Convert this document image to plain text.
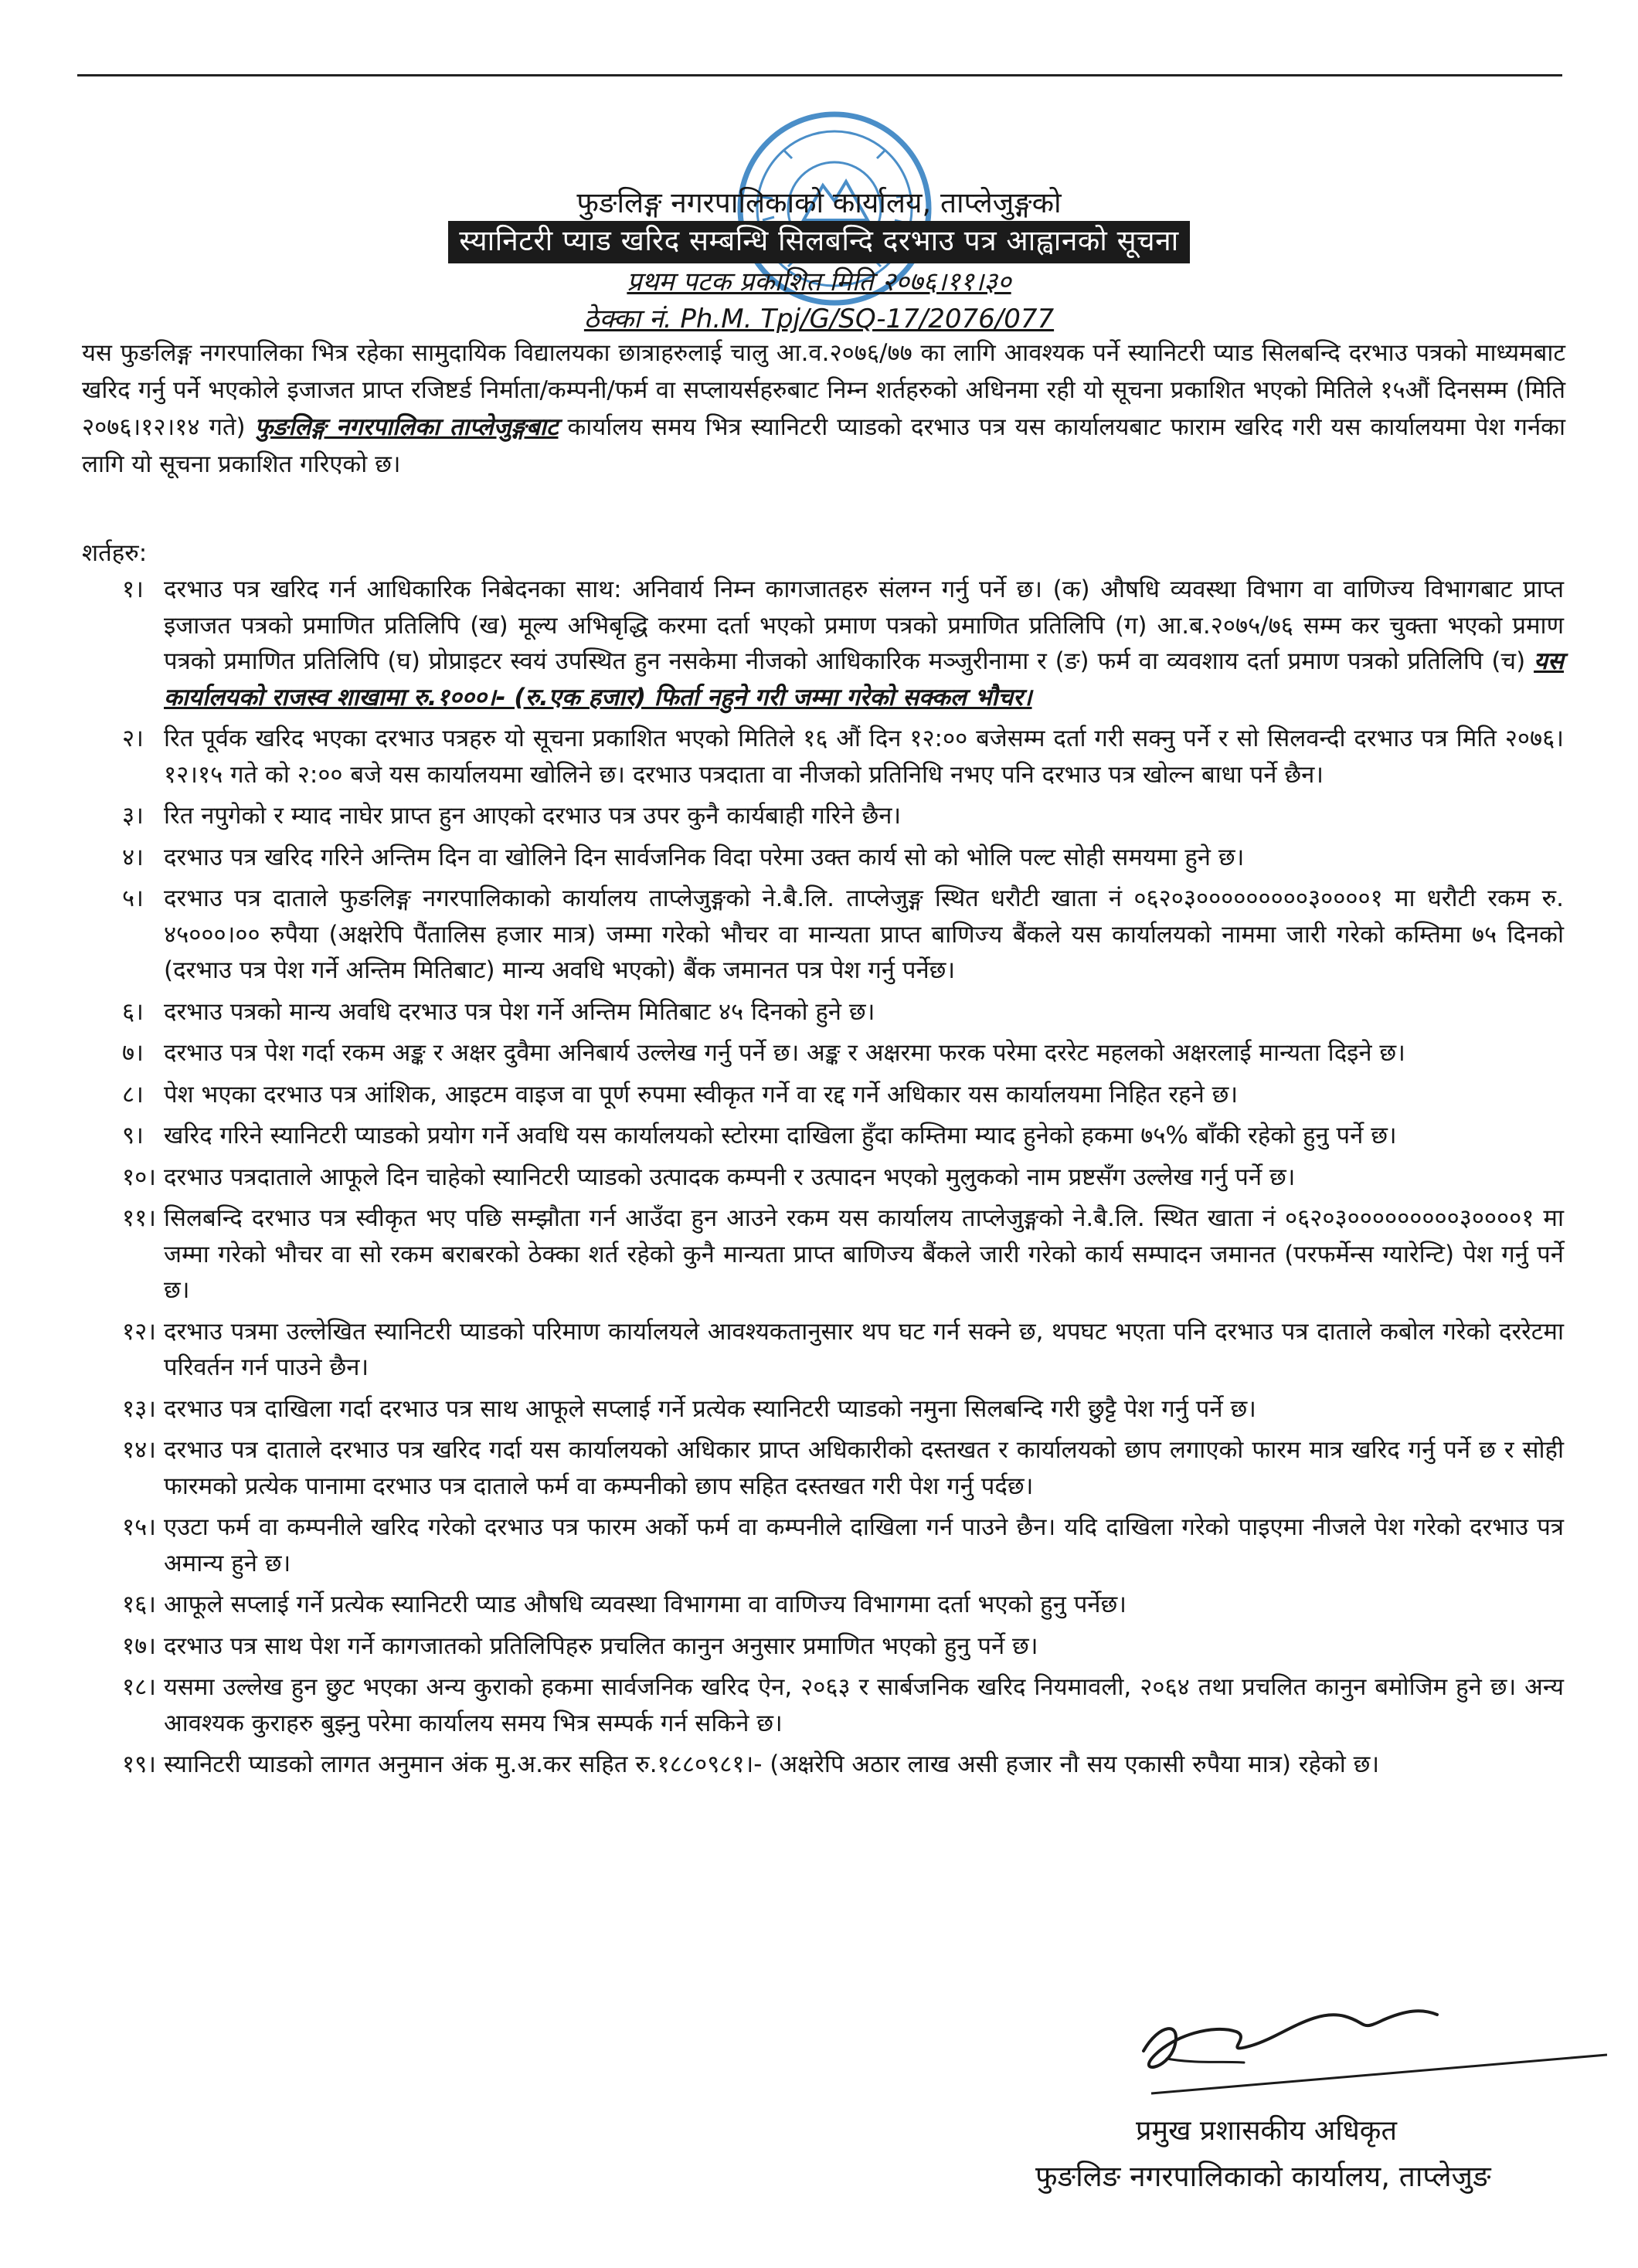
फुङलिङ्ग नगरपालिकाको कार्यालय, ताप्लेजुङ्गको
स्यानिटरी प्याड खरिद सम्बन्धि सिलबन्दि दरभाउ पत्र आह्वानको सूचना
प्रथम पटक प्रकाशित मिति २०७६।११।३०
ठेक्का नं. Ph.M. Tpj/G/SQ-17/2076/077
यस फुङलिङ्ग नगरपालिका भित्र रहेका सामुदायिक विद्यालयका छात्राहरुलाई चालु आ.व.२०७६/७७ का लागि आवश्यक पर्ने स्यानिटरी प्याड सिलबन्दि दरभाउ पत्रको माध्यमबाट खरिद गर्नु पर्ने भएकोले इजाजत प्राप्त रजिष्टर्ड निर्माता/कम्पनी/फर्म वा सप्लायर्सहरुबाट निम्न शर्तहरुको अधिनमा रही यो सूचना प्रकाशित भएको मितिले १५औं दिनसम्म (मिति २०७६।१२।१४ गते) फुङलिङ्ग नगरपालिका ताप्लेजुङ्गबाट कार्यालय समय भित्र स्यानिटरी प्याडको दरभाउ पत्र यस कार्यालयबाट फाराम खरिद गरी यस कार्यालयमा पेश गर्नका लागि यो सूचना प्रकाशित गरिएको छ।
शर्तहरु:
१। दरभाउ पत्र खरिद गर्न आधिकारिक निबेदनका साथ: अनिवार्य निम्न कागजातहरु संलग्न गर्नु पर्ने छ। (क) औषधि व्यवस्था विभाग वा वाणिज्य विभागबाट प्राप्त इजाजत पत्रको प्रमाणित प्रतिलिपि (ख) मूल्य अभिबृद्धि करमा दर्ता भएको प्रमाण पत्रको प्रमाणित प्रतिलिपि (ग) आ.ब.२०७५/७६ सम्म कर चुक्ता भएको प्रमाण पत्रको प्रमाणित प्रतिलिपि (घ) प्रोप्राइटर स्वयं उपस्थित हुन नसकेमा नीजको आधिकारिक मञ्जुरीनामा र (ङ) फर्म वा व्यवशाय दर्ता प्रमाण पत्रको प्रतिलिपि (च) यस कार्यालयको राजस्व शाखामा रु.१०००।- (रु.एक हजार) फिर्ता नहुने गरी जम्मा गरेको सक्कल भौचर।
२। रित पूर्वक खरिद भएका दरभाउ पत्रहरु यो सूचना प्रकाशित भएको मितिले १६ औं दिन १२:०० बजेसम्म दर्ता गरी सक्नु पर्ने र सो सिलवन्दी दरभाउ पत्र मिति २०७६।१२।१५ गते को २:०० बजे यस कार्यालयमा खोलिने छ। दरभाउ पत्रदाता वा नीजको प्रतिनिधि नभए पनि दरभाउ पत्र खोल्न बाधा पर्ने छैन।
३। रित नपुगेको र म्याद नाघेर प्राप्त हुन आएको दरभाउ पत्र उपर कुनै कार्यबाही गरिने छैन।
४। दरभाउ पत्र खरिद गरिने अन्तिम दिन वा खोलिने दिन सार्वजनिक विदा परेमा उक्त कार्य सो को भोलि पल्ट सोही समयमा हुने छ।
५। दरभाउ पत्र दाताले फुङलिङ्ग नगरपालिकाको कार्यालय ताप्लेजुङ्गको ने.बै.लि. ताप्लेजुङ्ग स्थित धरौटी खाता नं ०६२०३०००००००००३००००१ मा धरौटी रकम रु. ४५०००।०० रुपैया (अक्षरेपि पैंतालिस हजार मात्र) जम्मा गरेको भौचर वा मान्यता प्राप्त बाणिज्य बैंकले यस कार्यालयको नाममा जारी गरेको कम्तिमा ७५ दिनको (दरभाउ पत्र पेश गर्ने अन्तिम मितिबाट) मान्य अवधि भएको) बैंक जमानत पत्र पेश गर्नु पर्नेछ।
६। दरभाउ पत्रको मान्य अवधि दरभाउ पत्र पेश गर्ने अन्तिम मितिबाट ४५ दिनको हुने छ।
७। दरभाउ पत्र पेश गर्दा रकम अङ्क र अक्षर दुवैमा अनिबार्य उल्लेख गर्नु पर्ने छ। अङ्क र अक्षरमा फरक परेमा दररेट महलको अक्षरलाई मान्यता दिइने छ।
८। पेश भएका दरभाउ पत्र आंशिक, आइटम वाइज वा पूर्ण रुपमा स्वीकृत गर्ने वा रद्द गर्ने अधिकार यस कार्यालयमा निहित रहने छ।
९। खरिद गरिने स्यानिटरी प्याडको प्रयोग गर्ने अवधि यस कार्यालयको स्टोरमा दाखिला हुँदा कम्तिमा म्याद हुनेको हकमा ७५% बाँकी रहेको हुनु पर्ने छ।
१०। दरभाउ पत्रदाताले आफूले दिन चाहेको स्यानिटरी प्याडको उत्पादक कम्पनी र उत्पादन भएको मुलुकको नाम प्रष्टसँग उल्लेख गर्नु पर्ने छ।
११। सिलबन्दि दरभाउ पत्र स्वीकृत भए पछि सम्झौता गर्न आउँदा हुन आउने रकम यस कार्यालय ताप्लेजुङ्गको ने.बै.लि. स्थित खाता नं ०६२०३०००००००००३००००१ मा जम्मा गरेको भौचर वा सो रकम बराबरको ठेक्का शर्त रहेको कुनै मान्यता प्राप्त बाणिज्य बैंकले जारी गरेको कार्य सम्पादन जमानत (परफर्मेन्स ग्यारेन्टि) पेश गर्नु पर्ने छ।
१२। दरभाउ पत्रमा उल्लेखित स्यानिटरी प्याडको परिमाण कार्यालयले आवश्यकतानुसार थप घट गर्न सक्ने छ, थपघट भएता पनि दरभाउ पत्र दाताले कबोल गरेको दररेटमा परिवर्तन गर्न पाउने छैन।
१३। दरभाउ पत्र दाखिला गर्दा दरभाउ पत्र साथ आफूले सप्लाई गर्ने प्रत्येक स्यानिटरी प्याडको नमुना सिलबन्दि गरी छुट्टै पेश गर्नु पर्ने छ।
१४। दरभाउ पत्र दाताले दरभाउ पत्र खरिद गर्दा यस कार्यालयको अधिकार प्राप्त अधिकारीको दस्तखत र कार्यालयको छाप लगाएको फारम मात्र खरिद गर्नु पर्ने छ र सोही फारमको प्रत्येक पानामा दरभाउ पत्र दाताले फर्म वा कम्पनीको छाप सहित दस्तखत गरी पेश गर्नु पर्दछ।
१५। एउटा फर्म वा कम्पनीले खरिद गरेको दरभाउ पत्र फारम अर्को फर्म वा कम्पनीले दाखिला गर्न पाउने छैन। यदि दाखिला गरेको पाइएमा नीजले पेश गरेको दरभाउ पत्र अमान्य हुने छ।
१६। आफूले सप्लाई गर्ने प्रत्येक स्यानिटरी प्याड औषधि व्यवस्था विभागमा वा वाणिज्य विभागमा दर्ता भएको हुनु पर्नेछ।
१७। दरभाउ पत्र साथ पेश गर्ने कागजातको प्रतिलिपिहरु प्रचलित कानुन अनुसार प्रमाणित भएको हुनु पर्ने छ।
१८। यसमा उल्लेख हुन छुट भएका अन्य कुराको हकमा सार्वजनिक खरिद ऐन, २०६३ र सार्बजनिक खरिद नियमावली, २०६४ तथा प्रचलित कानुन बमोजिम हुने छ। अन्य आवश्यक कुराहरु बुझ्नु परेमा कार्यालय समय भित्र सम्पर्क गर्न सकिने छ।
१९। स्यानिटरी प्याडको लागत अनुमान अंक मु.अ.कर सहित रु.१८८०९८१।- (अक्षरेपि अठार लाख असी हजार नौ सय एकासी रुपैया मात्र) रहेको छ।
प्रमुख प्रशासकीय अधिकृत
फुङलिङ नगरपालिकाको कार्यालय, ताप्लेजुङ
